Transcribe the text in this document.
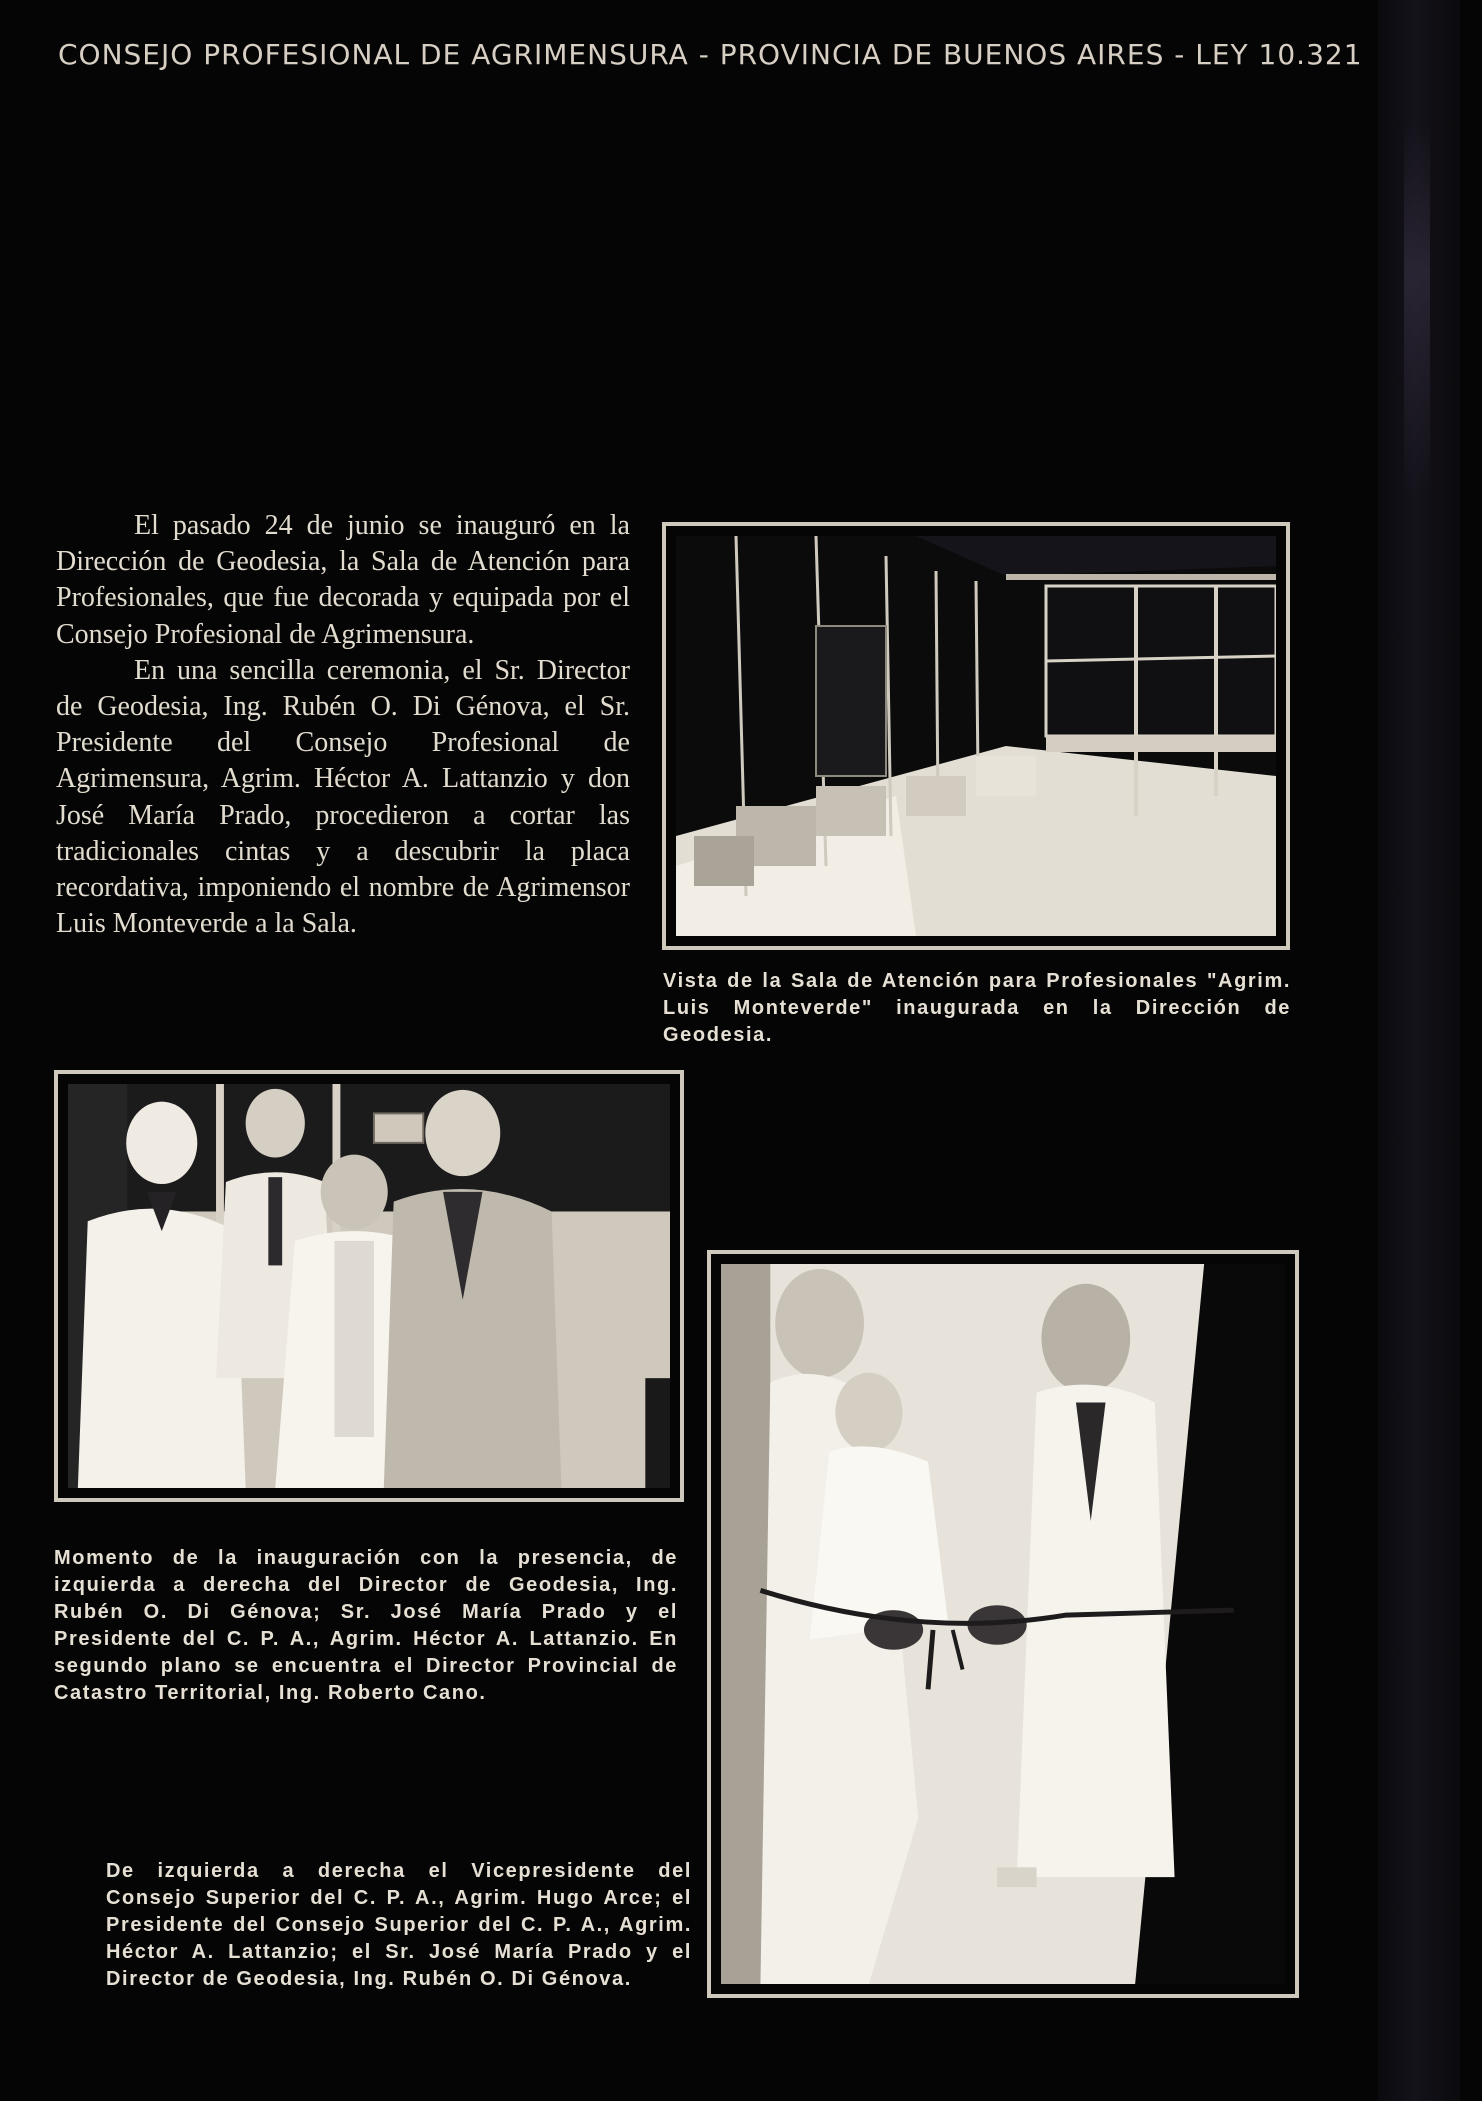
CONSEJO PROFESIONAL DE AGRIMENSURA - PROVINCIA DE BUENOS AIRES - LEY 10.321

El pasado 24 de junio se inauguró en la Dirección de Geodesia, la Sala de Atención para Profesionales, que fue decorada y equipada por el Consejo Profesional de Agrimensura.

En una sencilla ceremonia, el Sr. Director de Geodesia, Ing. Rubén O. Di Génova, el Sr. Presidente del Consejo Profesional de Agrimensura, Agrim. Héctor A. Lattanzio y don José María Prado, procedieron a cortar las tradicionales cintas y a descubrir la placa recordativa, imponiendo el nombre de Agrimensor Luis Monteverde a la Sala.

Vista de la Sala de Atención para Profesionales "Agrim. Luis Monteverde" inaugurada en la Dirección de Geodesia.
Momento de la inauguración con la presencia, de izquierda a derecha del Director de Geodesia, Ing. Rubén O. Di Génova; Sr. José María Prado y el Presidente del C. P. A., Agrim. Héctor A. Lattanzio. En segundo plano se encuentra el Director Provincial de Catastro Territorial, Ing. Roberto Cano.
De izquierda a derecha el Vicepresidente del Consejo Superior del C. P. A., Agrim. Hugo Arce; el Presidente del Consejo Superior del C. P. A., Agrim. Héctor A. Lattanzio; el Sr. José María Prado y el Director de Geodesia, Ing. Rubén O. Di Génova.
